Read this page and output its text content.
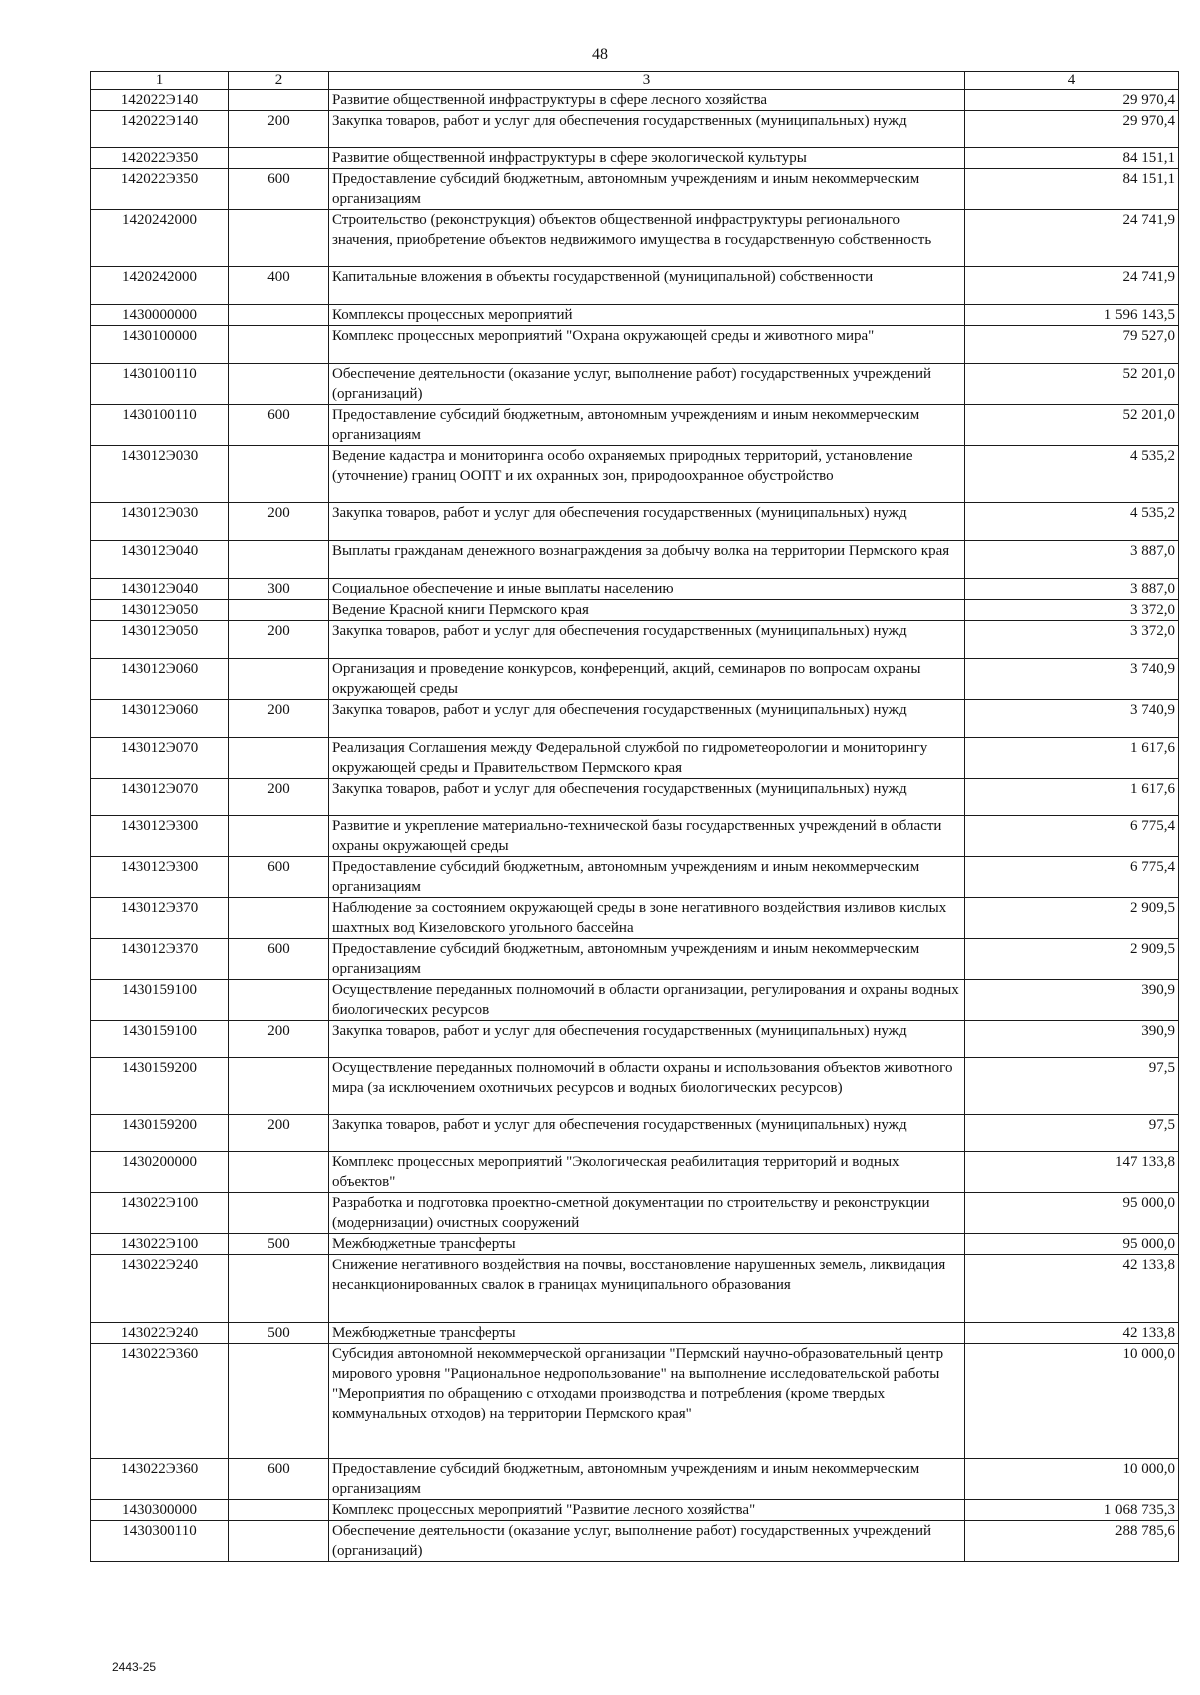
48
1	2	3	4
142022Э140		Развитие общественной инфраструктуры в сфере лесного хозяйства	29 970,4
142022Э140	200	Закупка товаров, работ и услуг для обеспечения государственных (муниципальных) нужд	29 970,4
142022Э350		Развитие общественной инфраструктуры в сфере экологической культуры	84 151,1
142022Э350	600	Предоставление субсидий бюджетным, автономным учреждениям и иным некоммерческим организациям	84 151,1
1420242000		Строительство (реконструкция) объектов общественной инфраструктуры регионального значения, приобретение объектов недвижимого имущества в государственную собственность	24 741,9
1420242000	400	Капитальные вложения в объекты государственной (муниципальной) собственности	24 741,9
1430000000		Комплексы процессных мероприятий	1 596 143,5
1430100000		Комплекс процессных мероприятий "Охрана окружающей среды и животного мира"	79 527,0
1430100110		Обеспечение деятельности (оказание услуг, выполнение работ) государственных учреждений (организаций)	52 201,0
1430100110	600	Предоставление субсидий бюджетным, автономным учреждениям и иным некоммерческим организациям	52 201,0
143012Э030		Ведение кадастра и мониторинга особо охраняемых природных территорий, установление (уточнение) границ ООПТ и их охранных зон, природоохранное обустройство	4 535,2
143012Э030	200	Закупка товаров, работ и услуг для обеспечения государственных (муниципальных) нужд	4 535,2
143012Э040		Выплаты гражданам денежного вознаграждения за добычу волка на территории Пермского края	3 887,0
143012Э040	300	Социальное обеспечение и иные выплаты населению	3 887,0
143012Э050		Ведение Красной книги Пермского края	3 372,0
143012Э050	200	Закупка товаров, работ и услуг для обеспечения государственных (муниципальных) нужд	3 372,0
143012Э060		Организация и проведение конкурсов, конференций, акций, семинаров по вопросам охраны окружающей среды	3 740,9
143012Э060	200	Закупка товаров, работ и услуг для обеспечения государственных (муниципальных) нужд	3 740,9
143012Э070		Реализация Соглашения между Федеральной службой по гидрометеорологии и мониторингу окружающей среды и Правительством Пермского края	1 617,6
143012Э070	200	Закупка товаров, работ и услуг для обеспечения государственных (муниципальных) нужд	1 617,6
143012Э300		Развитие и укрепление материально-технической базы государственных учреждений в области охраны окружающей среды	6 775,4
143012Э300	600	Предоставление субсидий бюджетным, автономным учреждениям и иным некоммерческим организациям	6 775,4
143012Э370		Наблюдение за состоянием окружающей среды в зоне негативного воздействия изливов кислых шахтных вод Кизеловского угольного бассейна	2 909,5
143012Э370	600	Предоставление субсидий бюджетным, автономным учреждениям и иным некоммерческим организациям	2 909,5
1430159100		Осуществление переданных полномочий в области организации, регулирования и охраны водных биологических ресурсов	390,9
1430159100	200	Закупка товаров, работ и услуг для обеспечения государственных (муниципальных) нужд	390,9
1430159200		Осуществление переданных полномочий в области охраны и использования объектов животного мира (за исключением охотничьих ресурсов и водных биологических ресурсов)	97,5
1430159200	200	Закупка товаров, работ и услуг для обеспечения государственных (муниципальных) нужд	97,5
1430200000		Комплекс процессных мероприятий "Экологическая реабилитация территорий и водных объектов"	147 133,8
143022Э100		Разработка и подготовка проектно-сметной документации по строительству и реконструкции (модернизации) очистных сооружений	95 000,0
143022Э100	500	Межбюджетные трансферты	95 000,0
143022Э240		Снижение негативного воздействия на почвы, восстановление нарушенных земель, ликвидация несанкционированных свалок в границах муниципального образования	42 133,8
143022Э240	500	Межбюджетные трансферты	42 133,8
143022Э360		Субсидия автономной некоммерческой организации "Пермский научно-образовательный центр мирового уровня "Рациональное недропользование" на выполнение исследовательской работы "Мероприятия по обращению с отходами производства и потребления (кроме твердых коммунальных отходов) на территории Пермского края"	10 000,0
143022Э360	600	Предоставление субсидий бюджетным, автономным учреждениям и иным некоммерческим организациям	10 000,0
1430300000		Комплекс процессных мероприятий "Развитие лесного хозяйства"	1 068 735,3
1430300110		Обеспечение деятельности (оказание услуг, выполнение работ) государственных учреждений (организаций)	288 785,6
2443-25
